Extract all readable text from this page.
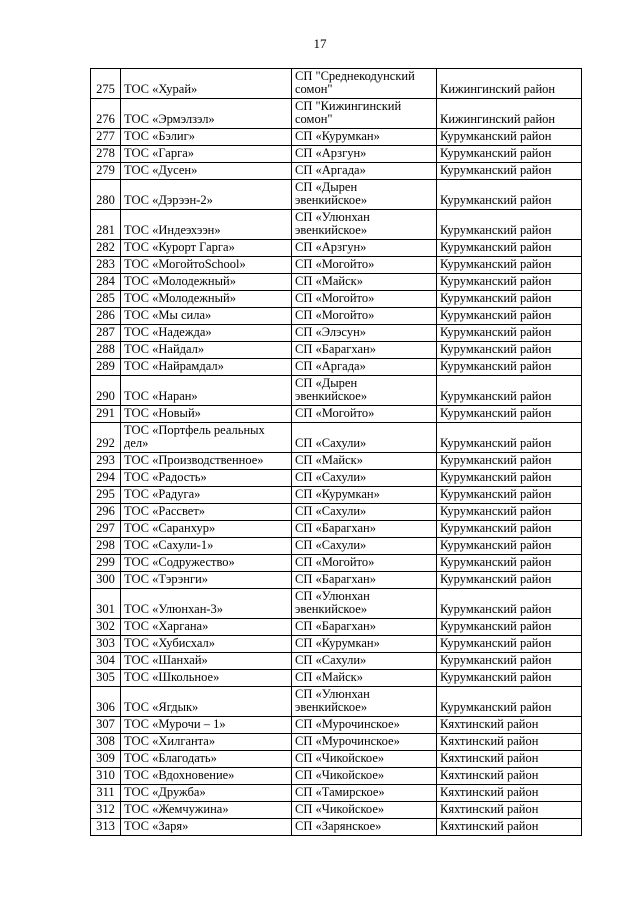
17
275	ТОС «Хурай»	СП "Среднекодунский
сомон"	Кижингинский район
276	ТОС «Эрмэлзэл»	СП "Кижингинский
сомон"	Кижингинский район
277	ТОС «Бэлиг»	СП «Курумкан»	Курумканский район
278	ТОС «Гарга»	СП «Арзгун»	Курумканский район
279	ТОС «Дусен»	СП «Аргада»	Курумканский район
280	ТОС «Дэрээн-2»	СП «Дырен
эвенкийское»	Курумканский район
281	ТОС «Индеэхээн»	СП «Улюнхан
эвенкийское»	Курумканский район
282	ТОС «Курорт Гарга»	СП «Арзгун»	Курумканский район
283	ТОС «МогойтоSchool»	СП «Могойто»	Курумканский район
284	ТОС «Молодежный»	СП «Майск»	Курумканский район
285	ТОС «Молодежный»	СП «Могойто»	Курумканский район
286	ТОС «Мы сила»	СП «Могойто»	Курумканский район
287	ТОС «Надежда»	СП «Элэсун»	Курумканский район
288	ТОС «Найдал»	СП «Барагхан»	Курумканский район
289	ТОС «Найрамдал»	СП «Аргада»	Курумканский район
290	ТОС «Наран»	СП «Дырен
эвенкийское»	Курумканский район
291	ТОС «Новый»	СП «Могойто»	Курумканский район
292	ТОС «Портфель реальных
дел»	СП «Сахули»	Курумканский район
293	ТОС «Производственное»	СП «Майск»	Курумканский район
294	ТОС «Радость»	СП «Сахули»	Курумканский район
295	ТОС «Радуга»	СП «Курумкан»	Курумканский район
296	ТОС «Рассвет»	СП «Сахули»	Курумканский район
297	ТОС «Саранхур»	СП «Барагхан»	Курумканский район
298	ТОС «Сахули-1»	СП «Сахули»	Курумканский район
299	ТОС «Содружество»	СП «Могойто»	Курумканский район
300	ТОС «Тэрэнги»	СП «Барагхан»	Курумканский район
301	ТОС «Улюнхан-3»	СП «Улюнхан
эвенкийское»	Курумканский район
302	ТОС «Харгана»	СП «Барагхан»	Курумканский район
303	ТОС «Хубисхал»	СП «Курумкан»	Курумканский район
304	ТОС «Шанхай»	СП «Сахули»	Курумканский район
305	ТОС «Школьное»	СП «Майск»	Курумканский район
306	ТОС «Ягдык»	СП «Улюнхан
эвенкийское»	Курумканский район
307	ТОС «Мурочи – 1»	СП «Мурочинское»	Кяхтинский район
308	ТОС «Хилганта»	СП «Мурочинское»	Кяхтинский район
309	ТОС «Благодать»	СП «Чикойское»	Кяхтинский район
310	ТОС «Вдохновение»	СП «Чикойское»	Кяхтинский район
311	ТОС «Дружба»	СП «Тамирское»	Кяхтинский район
312	ТОС «Жемчужина»	СП «Чикойское»	Кяхтинский район
313	ТОС «Заря»	СП «Зарянское»	Кяхтинский район
